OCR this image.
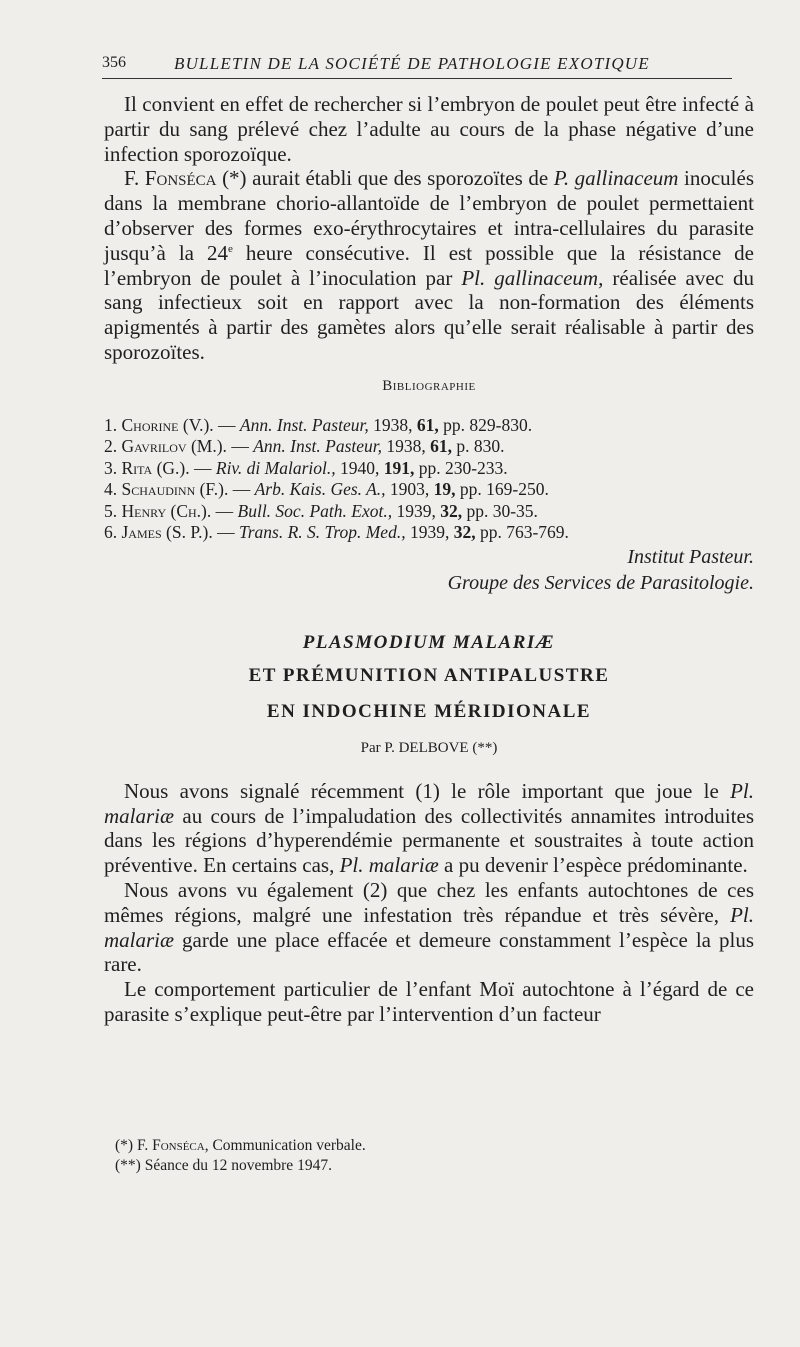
356	BULLETIN DE LA SOCIÉTÉ DE PATHOLOGIE EXOTIQUE

Il convient en effet de rechercher si l’embryon de poulet peut être infecté à partir du sang prélevé chez l’adulte au cours de la phase négative d’une infection sporozoïque.

F. Fonséca (*) aurait établi que des sporozoïtes de P. gallinaceum inoculés dans la membrane chorio-allantoïde de l’embryon de poulet permettaient d’observer des formes exo-érythrocytaires et intra-cellulaires du parasite jusqu’à la 24e heure consécutive. Il est possible que la résistance de l’embryon de poulet à l’inoculation par Pl. gallinaceum, réalisée avec du sang infectieux soit en rapport avec la non-formation des éléments apigmentés à partir des gamètes alors qu’elle serait réalisable à partir des sporozoïtes.

Bibliographie
1. Chorine (V.). — Ann. Inst. Pasteur, 1938, 61, pp. 829-830.
2. Gavrilov (M.). — Ann. Inst. Pasteur, 1938, 61, p. 830.
3. Rita (G.). — Riv. di Malariol., 1940, 191, pp. 230-233.
4. Schaudinn (F.). — Arb. Kais. Ges. A., 1903, 19, pp. 169-250.
5. Henry (Ch.). — Bull. Soc. Path. Exot., 1939, 32, pp. 30-35.
6. James (S. P.). — Trans. R. S. Trop. Med., 1939, 32, pp. 763-769.
Institut Pasteur.
Groupe des Services de Parasitologie.
PLASMODIUM MALARIÆ
ET PRÉMUNITION ANTIPALUSTRE
EN INDOCHINE MÉRIDIONALE
Par P. DELBOVE (**)

Nous avons signalé récemment (1) le rôle important que joue le Pl. malariæ au cours de l’impaludation des collectivités annamites introduites dans les régions d’hyperendémie permanente et soustraites à toute action préventive. En certains cas, Pl. malariæ a pu devenir l’espèce prédominante.

Nous avons vu également (2) que chez les enfants autochtones de ces mêmes régions, malgré une infestation très répandue et très sévère, Pl. malariæ garde une place effacée et demeure constamment l’espèce la plus rare.

Le comportement particulier de l’enfant Moï autochtone à l’égard de ce parasite s’explique peut-être par l’intervention d’un facteur

(*) F. Fonséca, Communication verbale.
(**) Séance du 12 novembre 1947.
